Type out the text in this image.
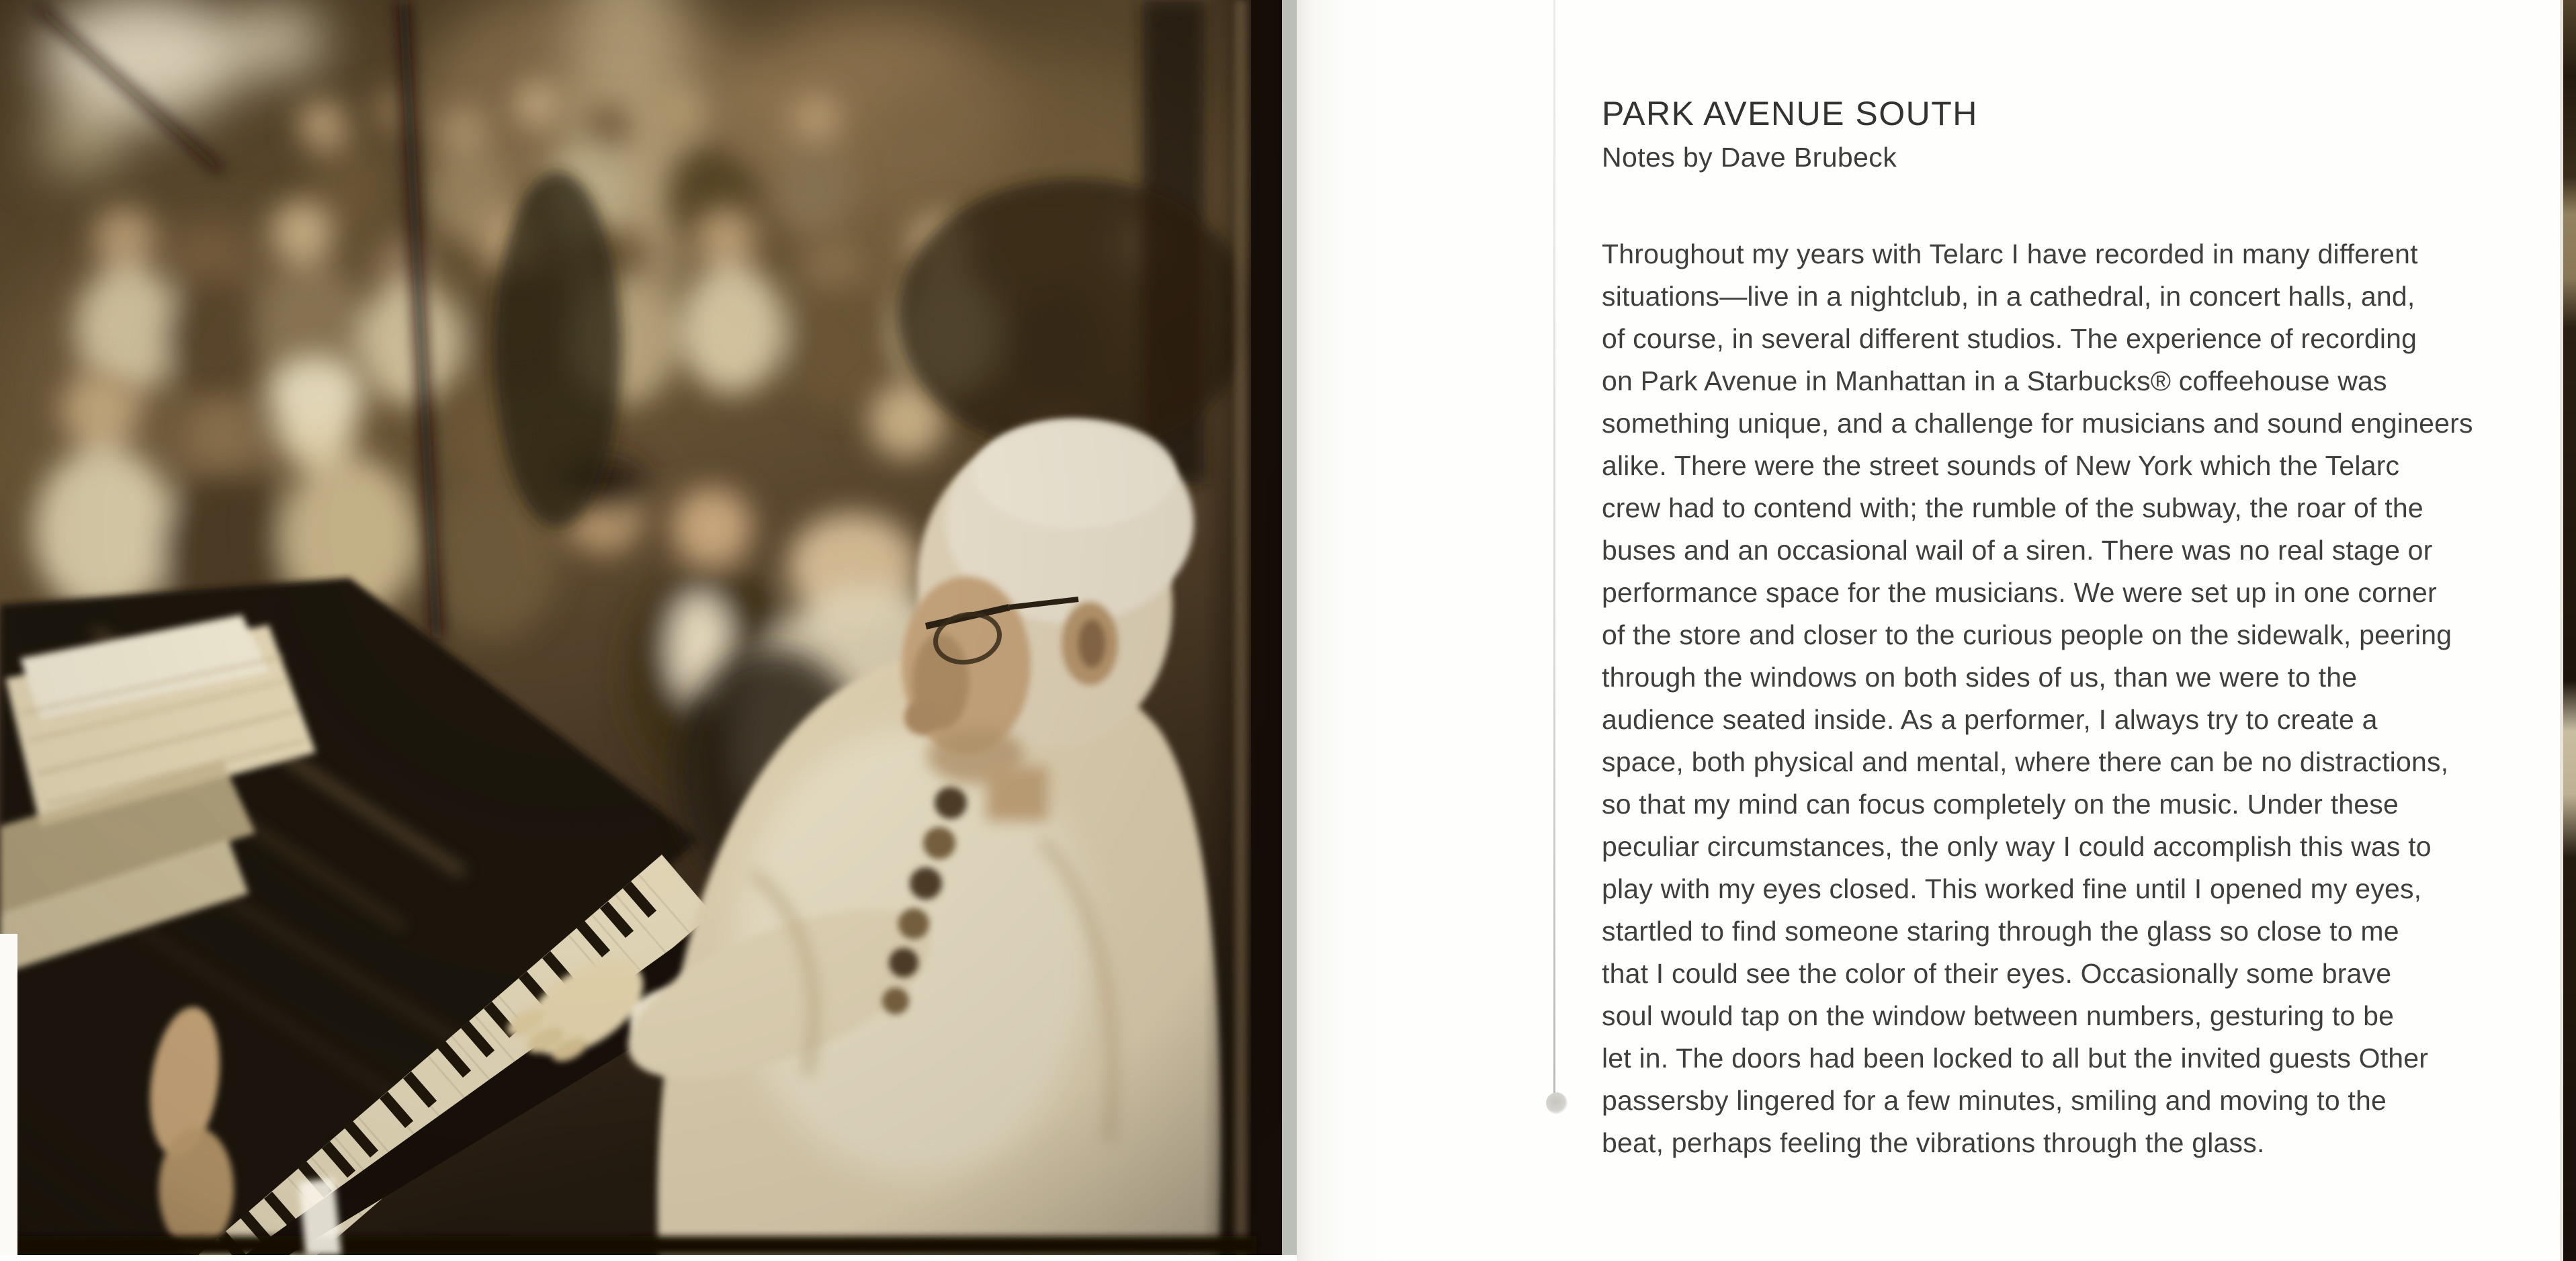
PARK AVENUE SOUTH
Notes by Dave Brubeck
Throughout my years with Telarc I have recorded in many different
situations—live in a nightclub, in a cathedral, in concert halls, and,
of course, in several different studios. The experience of recording
on Park Avenue in Manhattan in a Starbucks® coffeehouse was
something unique, and a challenge for musicians and sound engineers
alike. There were the street sounds of New York which the Telarc
crew had to contend with; the rumble of the subway, the roar of the
buses and an occasional wail of a siren. There was no real stage or
performance space for the musicians. We were set up in one corner
of the store and closer to the curious people on the sidewalk, peering
through the windows on both sides of us, than we were to the
audience seated inside. As a performer, I always try to create a
space, both physical and mental, where there can be no distractions,
so that my mind can focus completely on the music. Under these
peculiar circumstances, the only way I could accomplish this was to
play with my eyes closed. This worked fine until I opened my eyes,
startled to find someone staring through the glass so close to me
that I could see the color of their eyes. Occasionally some brave
soul would tap on the window between numbers, gesturing to be
let in. The doors had been locked to all but the invited guests Other
passersby lingered for a few minutes, smiling and moving to the
beat, perhaps feeling the vibrations through the glass.
